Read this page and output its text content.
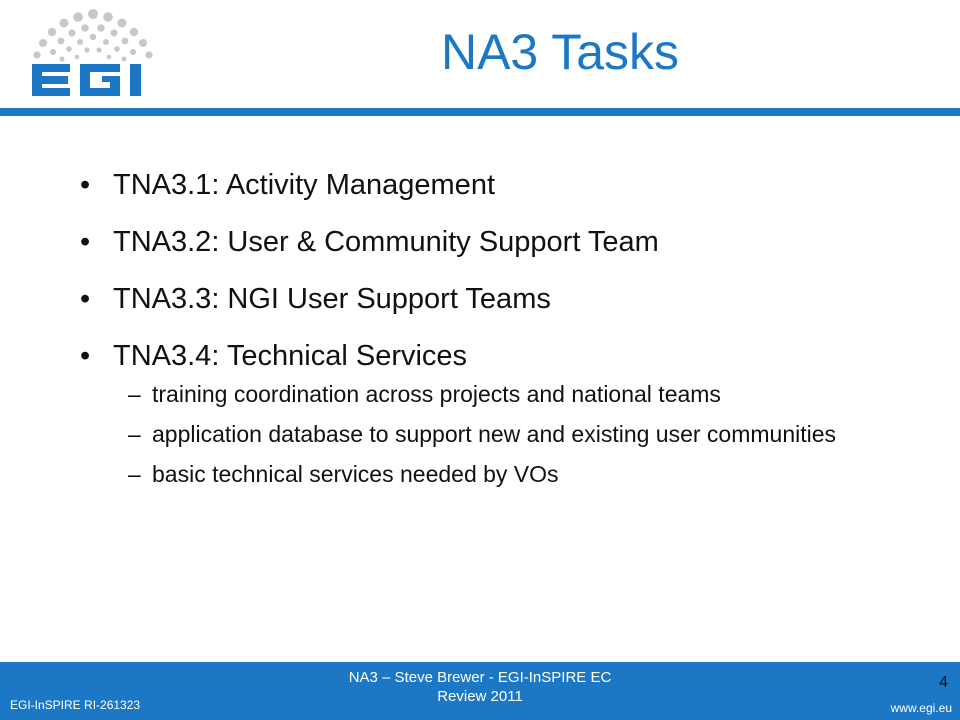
NA3 Tasks
• TNA3.1: Activity Management
• TNA3.2: User & Community Support Team
• TNA3.3: NGI User Support Teams
• TNA3.4: Technical Services
– training coordination across projects and national teams
– application database to support new and existing user communities
– basic technical services needed by VOs
EGI-InSPIRE RI-261323
NA3 – Steve Brewer - EGI-InSPIRE EC
Review 2011
www.egi.eu
4
